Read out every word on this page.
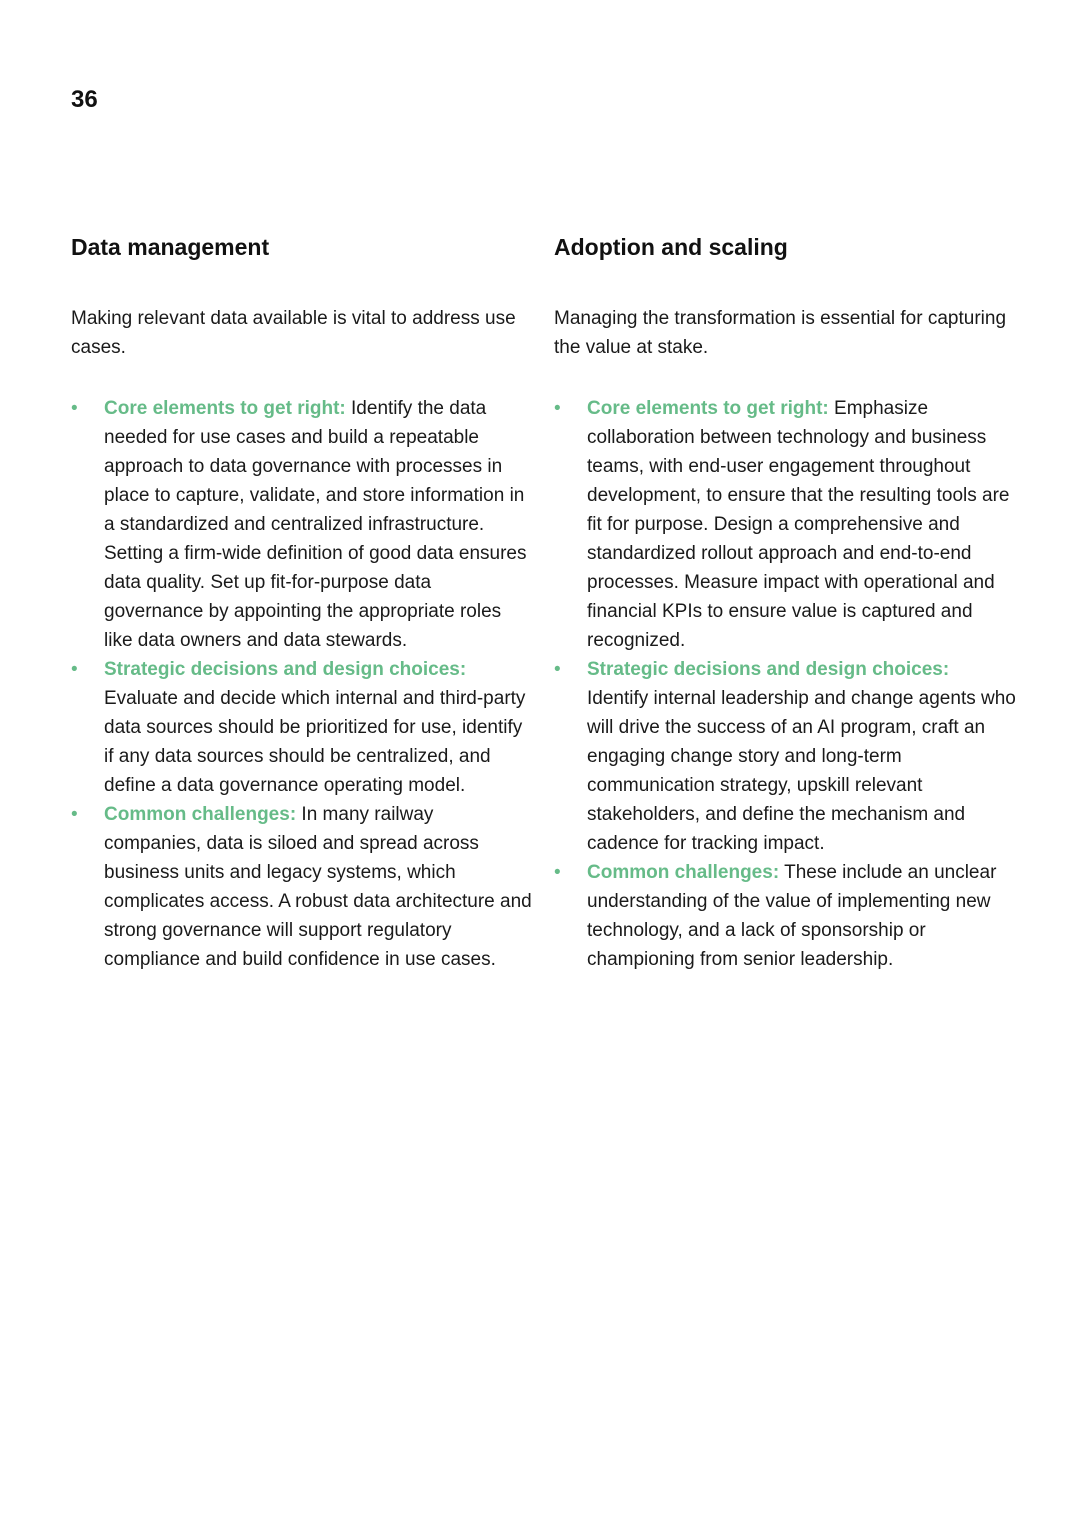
36
Data management

Making relevant data available is vital to address use cases.

• Core elements to get right: Identify the data needed for use cases and build a repeatable approach to data governance with processes in place to capture, validate, and store information in a standardized and centralized infrastructure. Setting a firm-wide definition of good data ensures data quality. Set up fit-for-purpose data governance by appointing the appropriate roles like data owners and data stewards.
• Strategic decisions and design choices:
Evaluate and decide which internal and third-party data sources should be prioritized for use, identify if any data sources should be centralized, and define a data governance operating model.
• Common challenges: In many railway companies, data is siloed and spread across business units and legacy systems, which complicates access. A robust data architecture and strong governance will support regulatory compliance and build confidence in use cases.
Adoption and scaling

Managing the transformation is essential for capturing the value at stake.

• Core elements to get right: Emphasize collaboration between technology and business teams, with end-user engagement throughout development, to ensure that the resulting tools are fit for purpose. Design a comprehensive and standardized rollout approach and end-to-end processes. Measure impact with operational and financial KPIs to ensure value is captured and recognized.
• Strategic decisions and design choices:
Identify internal leadership and change agents who will drive the success of an AI program, craft an engaging change story and long-term communication strategy, upskill relevant stakeholders, and define the mechanism and cadence for tracking impact.
• Common challenges: These include an unclear understanding of the value of implementing new technology, and a lack of sponsorship or championing from senior leadership.
